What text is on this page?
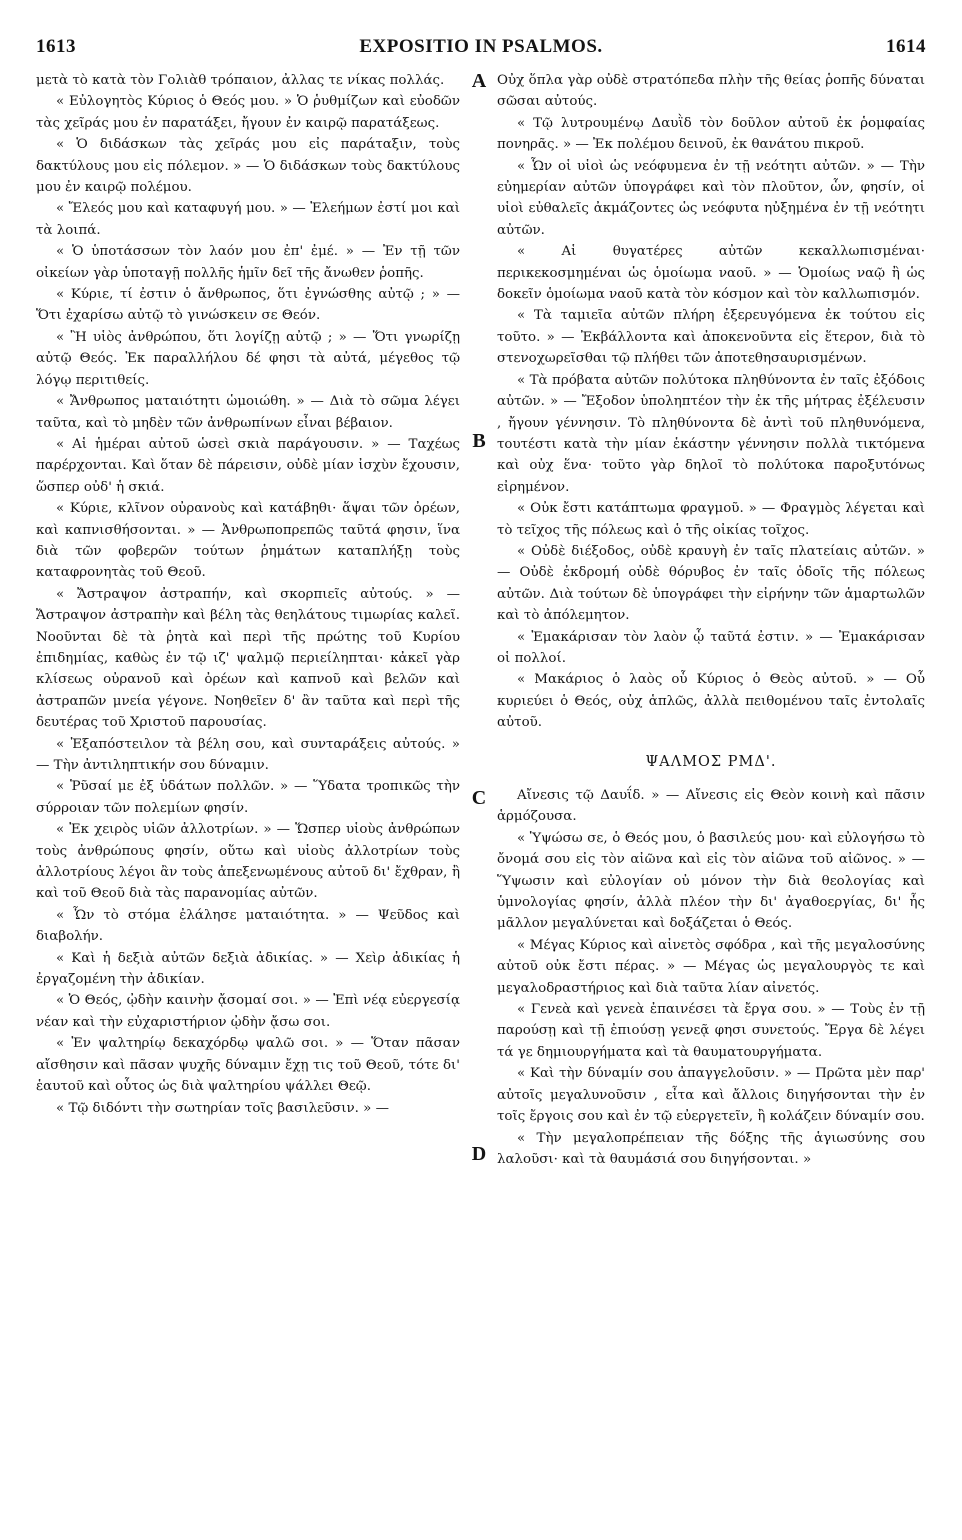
1613	EXPOSITIO IN PSALMOS.	1614

μετὰ τὸ κατὰ τὸν Γολιὰθ τρόπαιον, ἀλλας τε νίκας πολλάς.

« Εὐλογητὸς Κύριος ὁ Θεός μου. » Ὁ ῥυθμίζων καὶ εὐοδῶν τὰς χεῖράς μου ἐν παρατάξει, ἤγουν ἐν καιρῷ παρατάξεως.

« Ὁ διδάσκων τὰς χεῖράς μου εἰς παράταξιν, τοὺς δακτύλους μου εἰς πόλεμον. » — Ὁ διδάσκων τοὺς δακτύλους μου ἐν καιρῷ πολέμου.

« Ἔλεός μου καὶ καταφυγή μου. » — Ἐλεήμων ἐστί μοι καὶ τὰ λοιπά.

« Ὁ ὑποτάσσων τὸν λαόν μου ἐπ' ἐμέ. » — Ἐν τῇ τῶν οἰκείων γὰρ ὑποταγῇ πολλῆς ἡμῖν δεῖ τῆς ἄνωθεν ῥοπῆς.

« Κύριε, τί ἐστιν ὁ ἄνθρωπος, ὅτι ἐγνώσθης αὐτῷ ; » — Ὅτι ἐχαρίσω αὐτῷ τὸ γινώσκειν σε Θεόν.

« Ἢ υἱὸς ἀνθρώπου, ὅτι λογίζῃ αὐτῷ ; » — Ὅτι γνωρίζῃ αὐτῷ Θεός. Ἐκ παραλλήλου δέ φησι τὰ αὐτά, μέγεθος τῷ λόγῳ περιτιθείς.

« Ἄνθρωπος ματαιότητι ὡμοιώθη. » — Διὰ τὸ σῶμα λέγει ταῦτα, καὶ τὸ μηδὲν τῶν ἀνθρωπίνων εἶναι βέβαιον.

« Αἱ ἡμέραι αὐτοῦ ὡσεὶ σκιὰ παράγουσιν. » — Ταχέως παρέρχονται. Καὶ ὅταν δὲ πάρεισιν, οὐδὲ μίαν ἰσχὺν ἔχουσιν, ὥσπερ οὐδ' ἡ σκιά.

« Κύριε, κλῖνον οὐρανοὺς καὶ κατάβηθι· ἅψαι τῶν ὀρέων, καὶ καπνισθήσονται. » — Ἀνθρωποπρεπῶς ταῦτά φησιν, ἵνα διὰ τῶν φοβερῶν τούτων ῥημάτων καταπλήξῃ τοὺς καταφρονητὰς τοῦ Θεοῦ.

« Ἄστραψον ἀστραπήν, καὶ σκορπιεῖς αὐτούς. » — Ἄστραψον ἀστραπὴν καὶ βέλη τὰς θεηλάτους τιμωρίας καλεῖ. Νοοῦνται δὲ τὰ ῥητὰ καὶ περὶ τῆς πρώτης τοῦ Κυρίου ἐπιδημίας, καθὼς ἐν τῷ ιζ' ψαλμῷ περιείληπται· κἀκεῖ γὰρ κλίσεως οὐρανοῦ καὶ ὀρέων καὶ καπνοῦ καὶ βελῶν καὶ ἀστραπῶν μνεία γέγονε. Νοηθεῖεν δ' ἂν ταῦτα καὶ περὶ τῆς δευτέρας τοῦ Χριστοῦ παρουσίας.

« Ἐξαπόστειλον τὰ βέλη σου, καὶ συνταράξεις αὐτούς. » — Τὴν ἀντιληπτικήν σου δύναμιν.

« Ῥῦσαί με ἐξ ὑδάτων πολλῶν. » — Ὕδατα τροπικῶς τὴν σύρροιαν τῶν πολεμίων φησίν.

« Ἐκ χειρὸς υἱῶν ἀλλοτρίων. » — Ὥσπερ υἱοὺς ἀνθρώπων τοὺς ἀνθρώπους φησίν, οὕτω καὶ υἱοὺς ἀλλοτρίων τοὺς ἀλλοτρίους λέγοι ἂν τοὺς ἀπεξενωμένους αὐτοῦ δι' ἔχθραν, ἢ καὶ τοῦ Θεοῦ διὰ τὰς παρανομίας αὐτῶν.

« Ὧν τὸ στόμα ἐλάλησε ματαιότητα. » — Ψεῦδος καὶ διαβολήν.

« Καὶ ἡ δεξιὰ αὐτῶν δεξιὰ ἀδικίας. » — Χεὶρ ἀδικίας ἡ ἐργαζομένη τὴν ἀδικίαν.

« Ὁ Θεός, ᾠδὴν καινὴν ᾄσομαί σοι. » — Ἐπὶ νέᾳ εὐεργεσίᾳ νέαν καὶ τὴν εὐχαριστήριον ᾠδὴν ᾄσω σοι.

« Ἐν ψαλτηρίῳ δεκαχόρδῳ ψαλῶ σοι. » — Ὅταν πᾶσαν αἴσθησιν καὶ πᾶσαν ψυχῆς δύναμιν ἔχῃ τις τοῦ Θεοῦ, τότε δι' ἑαυτοῦ καὶ οὗτος ὡς διὰ ψαλτηρίου ψάλλει Θεῷ.

« Τῷ διδόντι τὴν σωτηρίαν τοῖς βασιλεῦσιν. » —

A
B
C
D

Οὐχ ὅπλα γὰρ οὐδὲ στρατόπεδα πλὴν τῆς θείας ῥοπῆς δύναται σῶσαι αὐτούς.

« Τῷ λυτρουμένῳ Δαυῒδ τὸν δοῦλον αὐτοῦ ἐκ ῥομφαίας πονηρᾶς. » — Ἐκ πολέμου δεινοῦ, ἐκ θανάτου πικροῦ.

« Ὧν οἱ υἱοὶ ὡς νεόφυμενα ἐν τῇ νεότητι αὐτῶν. » — Τὴν εὐημερίαν αὐτῶν ὑπογράφει καὶ τὸν πλοῦτον, ὧν, φησίν, οἱ υἱοὶ εὐθαλεῖς ἀκμάζοντες ὡς νεόφυτα ηὐξημένα ἐν τῇ νεότητι αὐτῶν.

« Αἱ θυγατέρες αὐτῶν κεκαλλωπισμέναι· περικεκοσμημέναι ὡς ὁμοίωμα ναοῦ. » — Ὁμοίως ναῷ ἢ ὡς δοκεῖν ὁμοίωμα ναοῦ κατὰ τὸν κόσμον καὶ τὸν καλλωπισμόν.

« Τὰ ταμιεῖα αὐτῶν πλήρη ἐξερευγόμενα ἐκ τούτου εἰς τοῦτο. » — Ἐκβάλλοντα καὶ ἀποκενοῦντα εἰς ἕτερον, διὰ τὸ στενοχωρεῖσθαι τῷ πλήθει τῶν ἀποτεθησαυρισμένων.

« Τὰ πρόβατα αὐτῶν πολύτοκα πληθύνοντα ἐν ταῖς ἐξόδοις αὐτῶν. » — Ἔξοδον ὑποληπτέον τὴν ἐκ τῆς μήτρας ἐξέλευσιν , ἤγουν γέννησιν. Τὸ πληθύνοντα δὲ ἀντὶ τοῦ πληθυνόμενα, τουτέστι κατὰ τὴν μίαν ἑκάστην γέννησιν πολλὰ τικτόμενα καὶ οὐχ ἕνα· τοῦτο γὰρ δηλοῖ τὸ πολύτοκα παροξυτόνως εἰρημένον.

« Οὐκ ἔστι κατάπτωμα φραγμοῦ. » — Φραγμὸς λέγεται καὶ τὸ τεῖχος τῆς πόλεως καὶ ὁ τῆς οἰκίας τοῖχος.

« Οὐδὲ διέξοδος, οὐδὲ κραυγὴ ἐν ταῖς πλατείαις αὐτῶν. » — Οὐδὲ ἐκδρομή οὐδὲ θόρυβος ἐν ταῖς ὁδοῖς τῆς πόλεως αὐτῶν. Διὰ τούτων δὲ ὑπογράφει τὴν εἰρήνην τῶν ἁμαρτωλῶν καὶ τὸ ἀπόλεμητον.

« Ἐμακάρισαν τὸν λαὸν ᾧ ταῦτά ἐστιν. » — Ἐμακάρισαν οἱ πολλοί.

« Μακάριος ὁ λαὸς οὗ Κύριος ὁ Θεὸς αὐτοῦ. » — Οὗ κυριεύει ὁ Θεός, οὐχ ἁπλῶς, ἀλλὰ πειθομένου ταῖς ἐντολαῖς αὐτοῦ.

ΨΑΛΜΟΣ ΡΜΔ'.

Αἴνεσις τῷ Δαυΐδ. » — Αἴνεσις εἰς Θεὸν κοινὴ καὶ πᾶσιν ἁρμόζουσα.

« Ὑψώσω σε, ὁ Θεός μου, ὁ βασιλεύς μου· καὶ εὐλογήσω τὸ ὄνομά σου εἰς τὸν αἰῶνα καὶ εἰς τὸν αἰῶνα τοῦ αἰῶνος. » — Ὕψωσιν καὶ εὐλογίαν οὐ μόνον τὴν διὰ θεολογίας καὶ ὑμνολογίας φησίν, ἀλλὰ πλέον τὴν δι' ἀγαθοεργίας, δι' ἧς μᾶλλον μεγαλύνεται καὶ δοξάζεται ὁ Θεός.

« Μέγας Κύριος καὶ αἰνετὸς σφόδρα , καὶ τῆς μεγαλοσύνης αὐτοῦ οὐκ ἔστι πέρας. » — Μέγας ὡς μεγαλουργὸς τε καὶ μεγαλοδραστήριος καὶ διὰ ταῦτα λίαν αἰνετός.

« Γενεὰ καὶ γενεὰ ἐπαινέσει τὰ ἔργα σου. » — Τοὺς ἐν τῇ παρούσῃ καὶ τῇ ἐπιούσῃ γενεᾷ φησι συνετούς. Ἔργα δὲ λέγει τά γε δημιουργήματα καὶ τὰ θαυματουργήματα.

« Καὶ τὴν δύναμίν σου ἀπαγγελοῦσιν. » — Πρῶτα μὲν παρ' αὐτοῖς μεγαλυνοῦσιν , εἶτα καὶ ἄλλοις διηγήσονται τὴν ἐν τοῖς ἔργοις σου καὶ ἐν τῷ εὐεργετεῖν, ἢ κολάζειν δύναμίν σου.

« Τὴν μεγαλοπρέπειαν τῆς δόξης τῆς ἁγιωσύνης σου λαλοῦσι· καὶ τὰ θαυμάσιά σου διηγήσονται. »
